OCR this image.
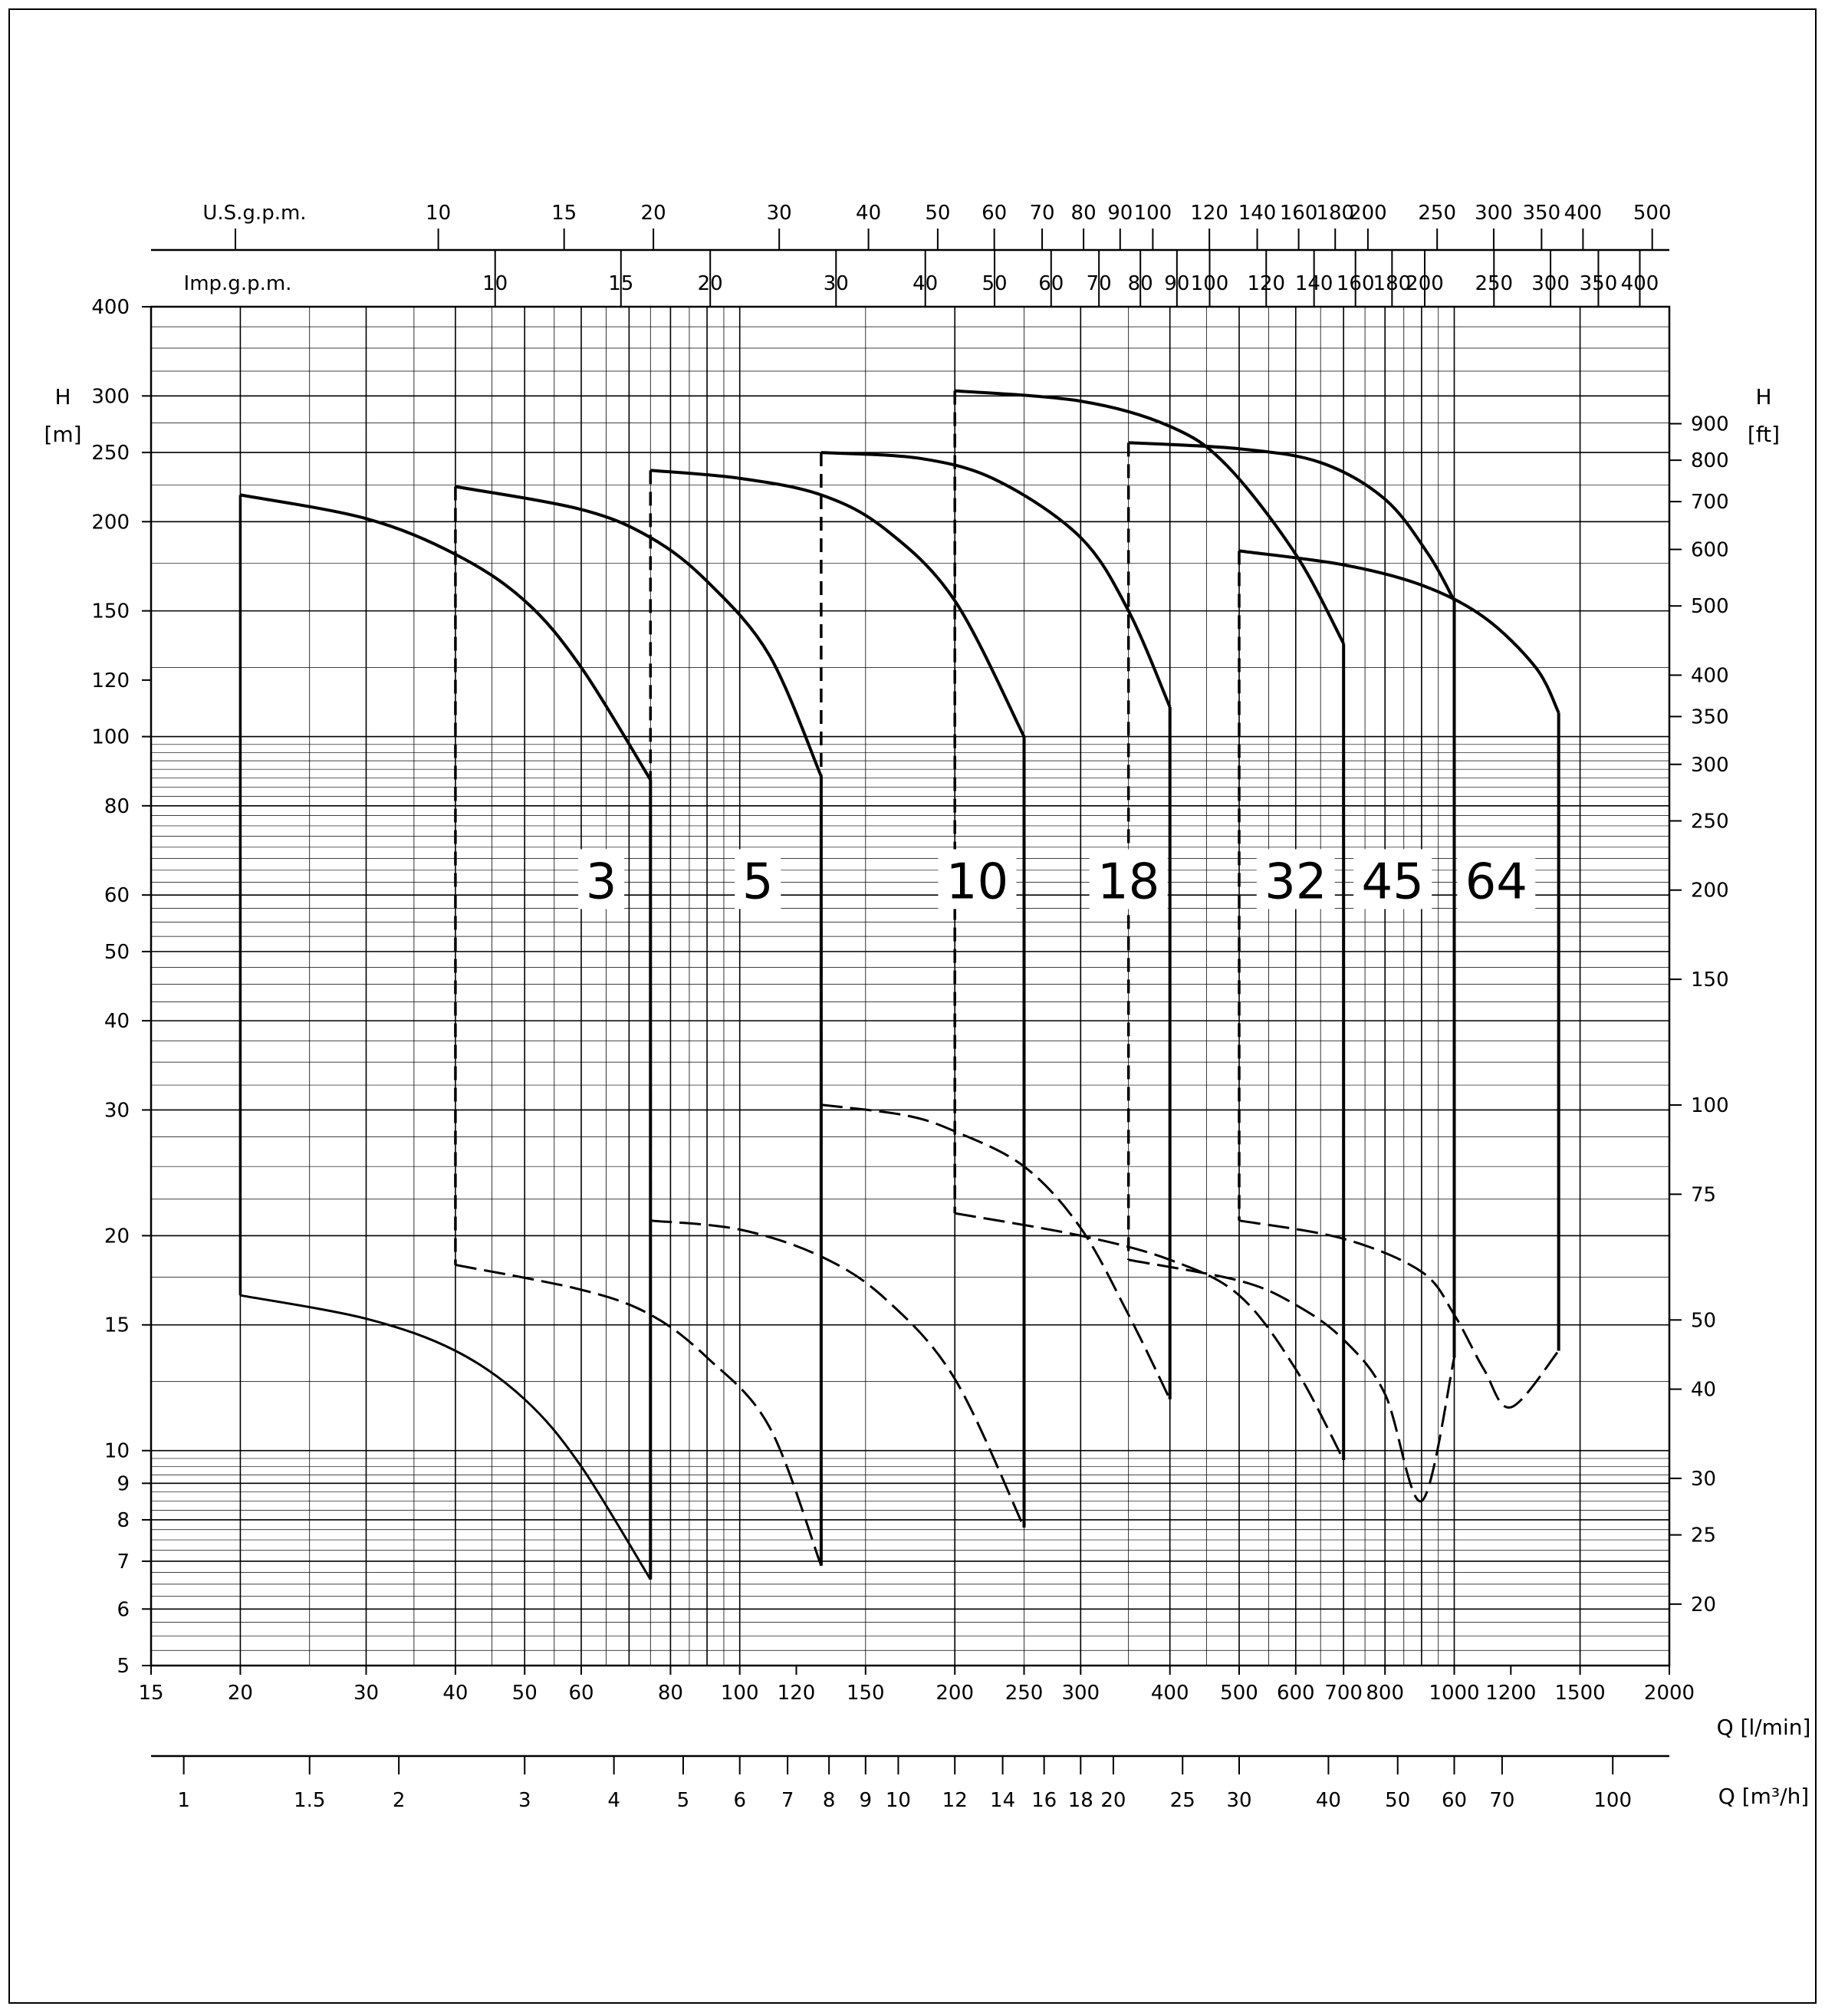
15	20	30	40 50 60	80 100 120 150	200 250 300	400 500 600 700 800 1000 1200 1500 2000
Q [l/min]
1	1.5	2	3	4	5 6 7 8 9 10 12 14 16 18 20 25 30	40 50 60 70	100	Q [m³/h]
10	15	20	30	40 50 60 70 80 90 100 120 140 160
180
200 250 300 350 400
Imp.g.p.m.
10	15	20	30	40 50 60 70 80 90 100 120 140 160
180
200 250 300 350 400 500
U.S.g.p.m.
5
6
7
8
9
10
15
20
30
40
50
60
80
100
120
150
200
250
300
400
H
[m]
20
25
30
40
50
75
100
150
200
250
300
350
400
500
600
700
800
900
H
[ft]
3	5	10 18 32 45 64
